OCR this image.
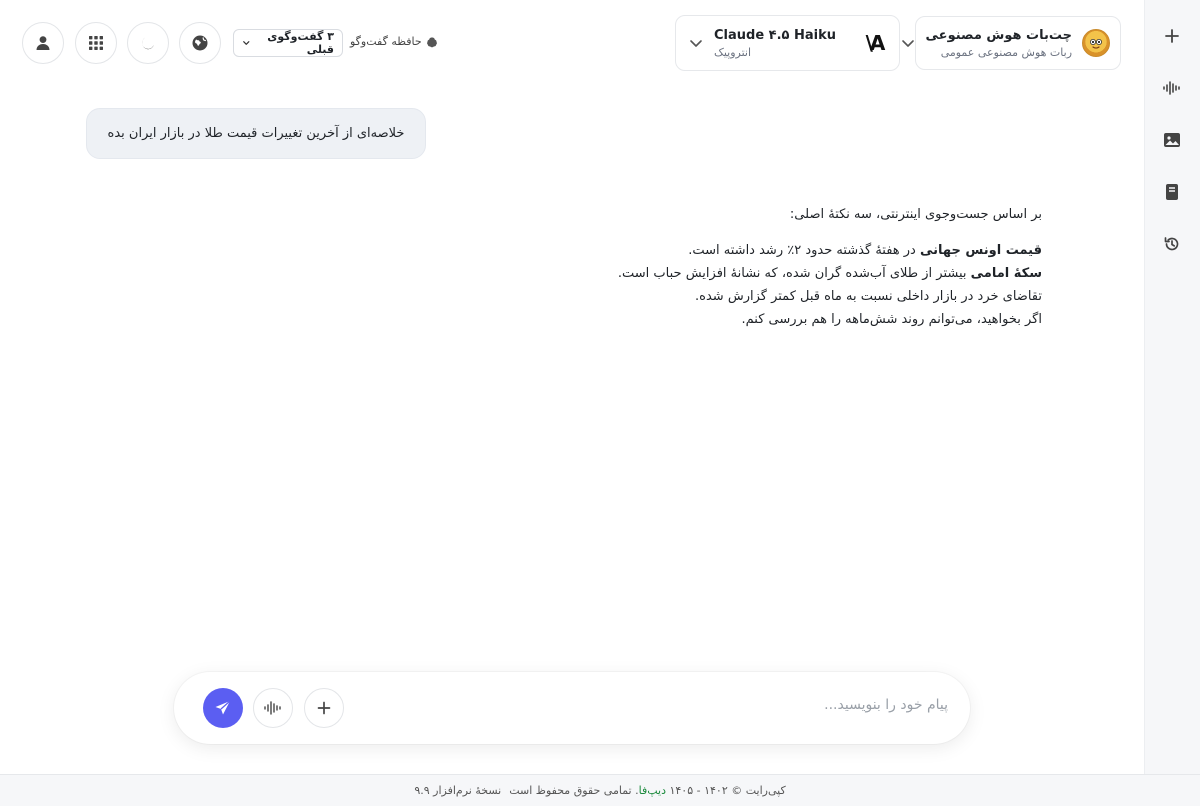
چت‌بات هوش مصنوعی
ربات هوش مصنوعی عمومی
A\
Claude ۴.۵ Haiku
انتروپیک
حافظه گفت‌وگو
۳ گفت‌وگوی قبلی
خلاصه‌ای از آخرین تغییرات قیمت طلا در بازار ایران بده

بر اساس جست‌وجوی اینترنتی، سه نکتهٔ اصلی:

قیمت اونس جهانی در هفتهٔ گذشته حدود ۲٪ رشد داشته است.

سکهٔ امامی بیشتر از طلای آب‌شده گران شده، که نشانهٔ افزایش حباب است.

تقاضای خرد در بازار داخلی نسبت به ماه قبل کمتر گزارش شده.

اگر بخواهید، می‌توانم روند شش‌ماهه را هم بررسی کنم.

پیام خود را بنویسید...
کپی‌رایت © ۱۴۰۲ - ۱۴۰۵ دیپ‌فا. تمامی حقوق محفوظ است
نسخهٔ نرم‌افزار ۹.۹
